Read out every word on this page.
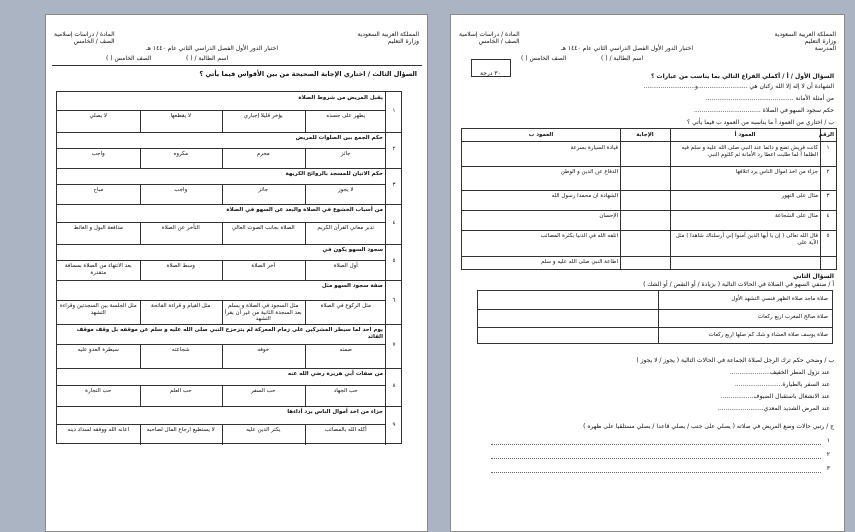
المملكة العربية السعودية
وزارة التعليم
المادة / دراسات إسلامية
الصف / الخامس
اختبار الدور الأول الفصل الدراسي الثاني عام ١٤٤٠ هـ
اسم الطالبة / ( )
الصف الخامس ( )
السؤال الثالث / اختاري الإجابة الصحيحة من بين الأقواس فيما يأتي ؟
١
يقبل المريض من شروط الصلاة
يطهر على جسده
يؤخر قليلا إجباري
لا يقطعها
لا يصلي
٢
حكم الجمع بين الصلوات للمريض
جائز
محرم
مكروه
واجب
٣
حكم الاتيان للمسجد بالروائح الكريهة
لا يجوز
جائز
واجب
مباح
٤
من أسباب الخشوع في الصلاة والبعد عن السهو في الصلاة
تدبر معاني القرآن الكريم
الصلاة بجانب الصوت العالي
التأخر عن الصلاة
مدافعة البول و الغائط
٥
سجود السهو يكون في
أول الصلاة
آخر الصلاة
وسط الصلاة
بعد الانتهاء من الصلاة بمسافة متقدرة
٦
صفة سجود السهو مثل
مثل الركوع في الصلاة
مثل السجود في الصلاة و يسلم بعد السجدة الثانية من غير أن يقرأ التشهد
مثل القيام و قراءة الفاتحة
مثل الجلسة بين السجدتين وقراءة التشهد
٧
يوم احد لما سيطر المشركين على زمام المعركة لم يتزحزح النبي صلى الله عليه و سلم عن موقفه بل وقف موقف القائد
صمته
خوفه
شجاعته
سيطرة العدو عليه
٨
من صفات أبي هريرة رضي الله عنه
حب الجهاد
حب السفر
حب العلم
حب التجارة
٩
جزاء من اخذ أموال الناس يرد أداءها
أكله الله بالمصائب
يكثر الدين عليه
لا يستطيع ارجاع المال لصاحبه
اعانه الله ووفقه لسداد دينه
المملكة العربية السعودية
وزارة التعليم
المدرسة
المادة / دراسات إسلامية
الصف / الخامس
اختبار الدور الأول الفصل الدراسي الثاني عام ١٤٤٠ هـ
اسم الطالبة / ( )
الصف الخامس ( )
٣٠ درجة	السؤال الأول / أ / أكملي الفراغ التالي بما يناسب من عبارات ؟
الشهادة أن لا إله إلا الله ركنان هي ..........................و...........................
من أمثلة الأمانة ..............................................
حكم سجود السهو في الصلاة ...................................
ب / اختاري من العمود أ ما يناسبه من العمود ب فيما يأتي ؟
الرقم
العمود أ
الإجابة
العمود ب
١
كانت قريش تضع و دائما عند النبي صلى الله عليه و سلم فيه الظلما أ لما طلبت اعطا رد الأمانة ثم كلثوم النبي
قيادة السيارة بسرعة
٢
جزاء من اخذ اموال الناس يرد اتلافها
الدفاع عن الدين و الوطن
٣
مثال على التهور
الشهادة ان محمدا رسول الله
٤
مثال على الشجاعة
الإحسان
٥
قال الله تعالى ( إن يا أيها الذين آمنوا إني أرسلناك شاهدا ) مثل الآية على
اتلفه الله في الدنيا بكثرة المصائب
اطاعة النبي صلى الله عليه و سلم
السؤال الثاني
أ / صنفي السهو في الصلاة في الحالات التالية ( بزيادة / أو النقص / أو الشك )
صلاة ماجد صلاة الظهر فنسي التشهد الأول
صلاة صالح المغرب اربع ركعات
صلاة يوسف صلاة العشاء و شك كم صلها اربع ركعات
ب / وضحي حكم ترك الرجل لصلاة الجماعة في الحالات التالية ( يجوز / لا يجوز )
عند نزول المطر الخفيف.....................
عند السفر بالطيارة.........................
عند الانشغال باستقبال الضيوف.................
عند المرض الشديد المعدي........................
ج / رتبي حالات وضع المريض في صلاته ( يصلي على جنب / يصلي قاعدا / يصلي مستلقيا على ظهره )
١
٢
٣
